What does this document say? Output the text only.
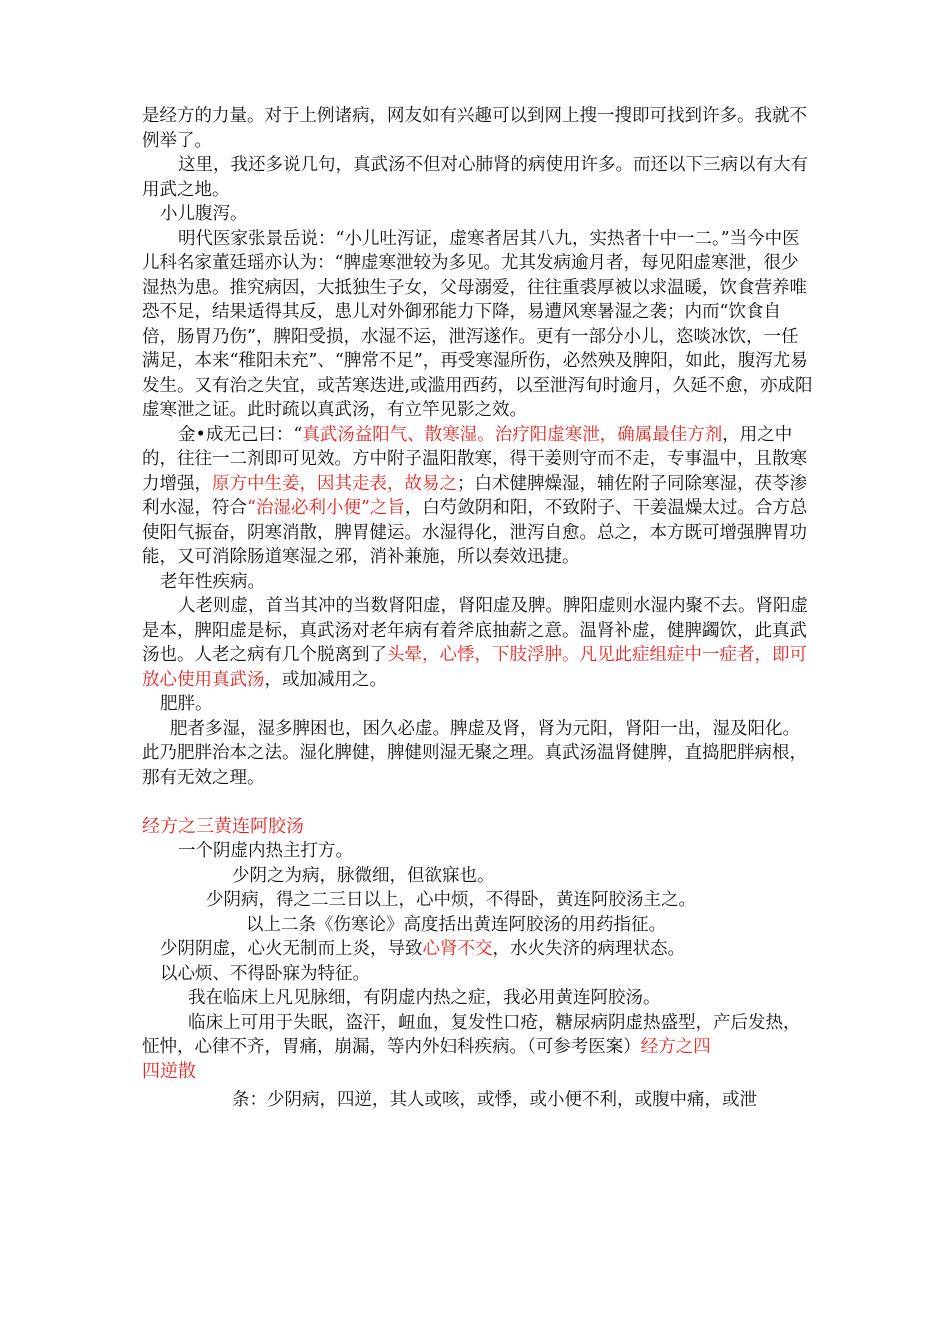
是经方的力量。对于上例诸病，网友如有兴趣可以到网上搜一搜即可找到许多。我就不例举了。

这里，我还多说几句，真武汤不但对心肺肾的病使用许多。而还以下三病以有大有用武之地。

小儿腹泻。

明代医家张景岳说：“小儿吐泻证，虚寒者居其八九，实热者十中一二。”当今中医儿科名家董廷瑶亦认为：“脾虚寒泄较为多见。尤其发病逾月者，每见阳虚寒泄，很少湿热为患。推究病因，大抵独生子女，父母溺爱，往往重裘厚被以求温暖，饮食营养唯恐不足，结果适得其反，患儿对外御邪能力下降，易遭风寒暑湿之袭；内而“饮食自倍，肠胃乃伤”，脾阳受损，水湿不运，泄泻遂作。更有一部分小儿，恣啖冰饮，一任满足，本来“稚阳未充”、“脾常不足”，再受寒湿所伤，必然殃及脾阳，如此，腹泻尤易发生。又有治之失宜，或苦寒迭进,或滥用西药，以至泄泻旬时逾月，久延不愈，亦成阳虚寒泄之证。此时疏以真武汤，有立竿见影之效。

金•成无己曰：“真武汤益阳气、散寒湿。治疗阳虚寒泄，确属最佳方剂，用之中的，往往一二剂即可见效。方中附子温阳散寒，得干姜则守而不走，专事温中，且散寒力增强，原方中生姜，因其走表，故易之；白术健脾燥湿，辅佐附子同除寒湿，茯苓渗利水湿，符合“治湿必利小便”之旨，白芍敛阴和阳，不致附子、干姜温燥太过。合方总使阳气振奋，阴寒消散，脾胃健运。水湿得化，泄泻自愈。总之，本方既可增强脾胃功能，又可消除肠道寒湿之邪，消补兼施，所以奏效迅捷。

老年性疾病。

人老则虚，首当其冲的当数肾阳虚，肾阳虚及脾。脾阳虚则水湿内聚不去。肾阳虚是本，脾阳虚是标，真武汤对老年病有着斧底抽薪之意。温肾补虚，健脾蠲饮，此真武汤也。人老之病有几个脱离到了头晕，心悸，下肢浮肿。凡见此症组症中一症者，即可放心使用真武汤，或加减用之。

肥胖。

肥者多湿，湿多脾困也，困久必虚。脾虚及肾，肾为元阳，肾阳一出，湿及阳化。此乃肥胖治本之法。湿化脾健，脾健则湿无聚之理。真武汤温肾健脾，直捣肥胖病根，那有无效之理。

经方之三黄连阿胶汤

一个阴虚内热主打方。

少阴之为病，脉微细，但欲寐也。

少阴病，得之二三日以上，心中烦，不得卧，黄连阿胶汤主之。

以上二条《伤寒论》高度括出黄连阿胶汤的用药指征。

少阴阴虚，心火无制而上炎，导致心肾不交，水火失济的病理状态。

以心烦、不得卧寐为特征。

我在临床上凡见脉细，有阴虚内热之症，我必用黄连阿胶汤。

临床上可用于失眠，盗汗，衄血，复发性口疮，糖尿病阴虚热盛型，产后发热，怔忡，心律不齐，胃痛，崩漏，等内外妇科疾病。（可参考医案）经方之四

四逆散

条：少阴病，四逆，其人或咳，或悸，或小便不利，或腹中痛，或泄
